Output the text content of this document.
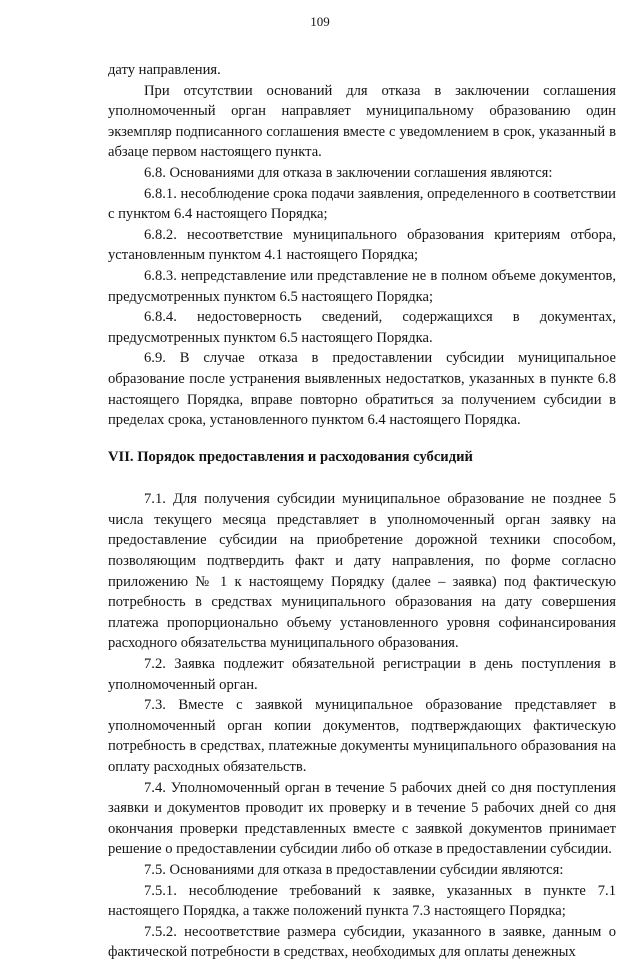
109

дату направления.

При отсутствии оснований для отказа в заключении соглашения уполномоченный орган направляет муниципальному образованию один экземпляр подписанного соглашения вместе с уведомлением в срок, указанный в абзаце первом настоящего пункта.

6.8. Основаниями для отказа в заключении соглашения являются:

6.8.1. несоблюдение срока подачи заявления, определенного в соответствии с пунктом 6.4 настоящего Порядка;

6.8.2. несоответствие муниципального образования критериям отбора, установленным пунктом 4.1 настоящего Порядка;

6.8.3. непредставление или представление не в полном объеме документов, предусмотренных пунктом 6.5 настоящего Порядка;

6.8.4. недостоверность сведений, содержащихся в документах, предусмотренных пунктом 6.5 настоящего Порядка.

6.9. В случае отказа в предоставлении субсидии муниципальное образование после устранения выявленных недостатков, указанных в пункте 6.8 настоящего Порядка, вправе повторно обратиться за получением субсидии в пределах срока, установленного пунктом 6.4 настоящего Порядка.

VII. Порядок предоставления и расходования субсидий

7.1. Для получения субсидии муниципальное образование не позднее 5 числа текущего месяца представляет в уполномоченный орган заявку на предоставление субсидии на приобретение дорожной техники способом, позволяющим подтвердить факт и дату направления, по форме согласно приложению № 1 к настоящему Порядку (далее – заявка) под фактическую потребность в средствах муниципального образования на дату совершения платежа пропорционально объему установленного уровня софинансирования расходного обязательства муниципального образования.

7.2. Заявка подлежит обязательной регистрации в день поступления в уполномоченный орган.

7.3. Вместе с заявкой муниципальное образование представляет в уполномоченный орган копии документов, подтверждающих фактическую потребность в средствах, платежные документы муниципального образования на оплату расходных обязательств.

7.4. Уполномоченный орган в течение 5 рабочих дней со дня поступления заявки и документов проводит их проверку и в течение 5 рабочих дней со дня окончания проверки представленных вместе с заявкой документов принимает решение о предоставлении субсидии либо об отказе в предоставлении субсидии.

7.5. Основаниями для отказа в предоставлении субсидии являются:

7.5.1. несоблюдение требований к заявке, указанных в пункте 7.1 настоящего Порядка, а также положений пункта 7.3 настоящего Порядка;

7.5.2. несоответствие размера субсидии, указанного в заявке, данным о фактической потребности в средствах, необходимых для оплаты денежных
